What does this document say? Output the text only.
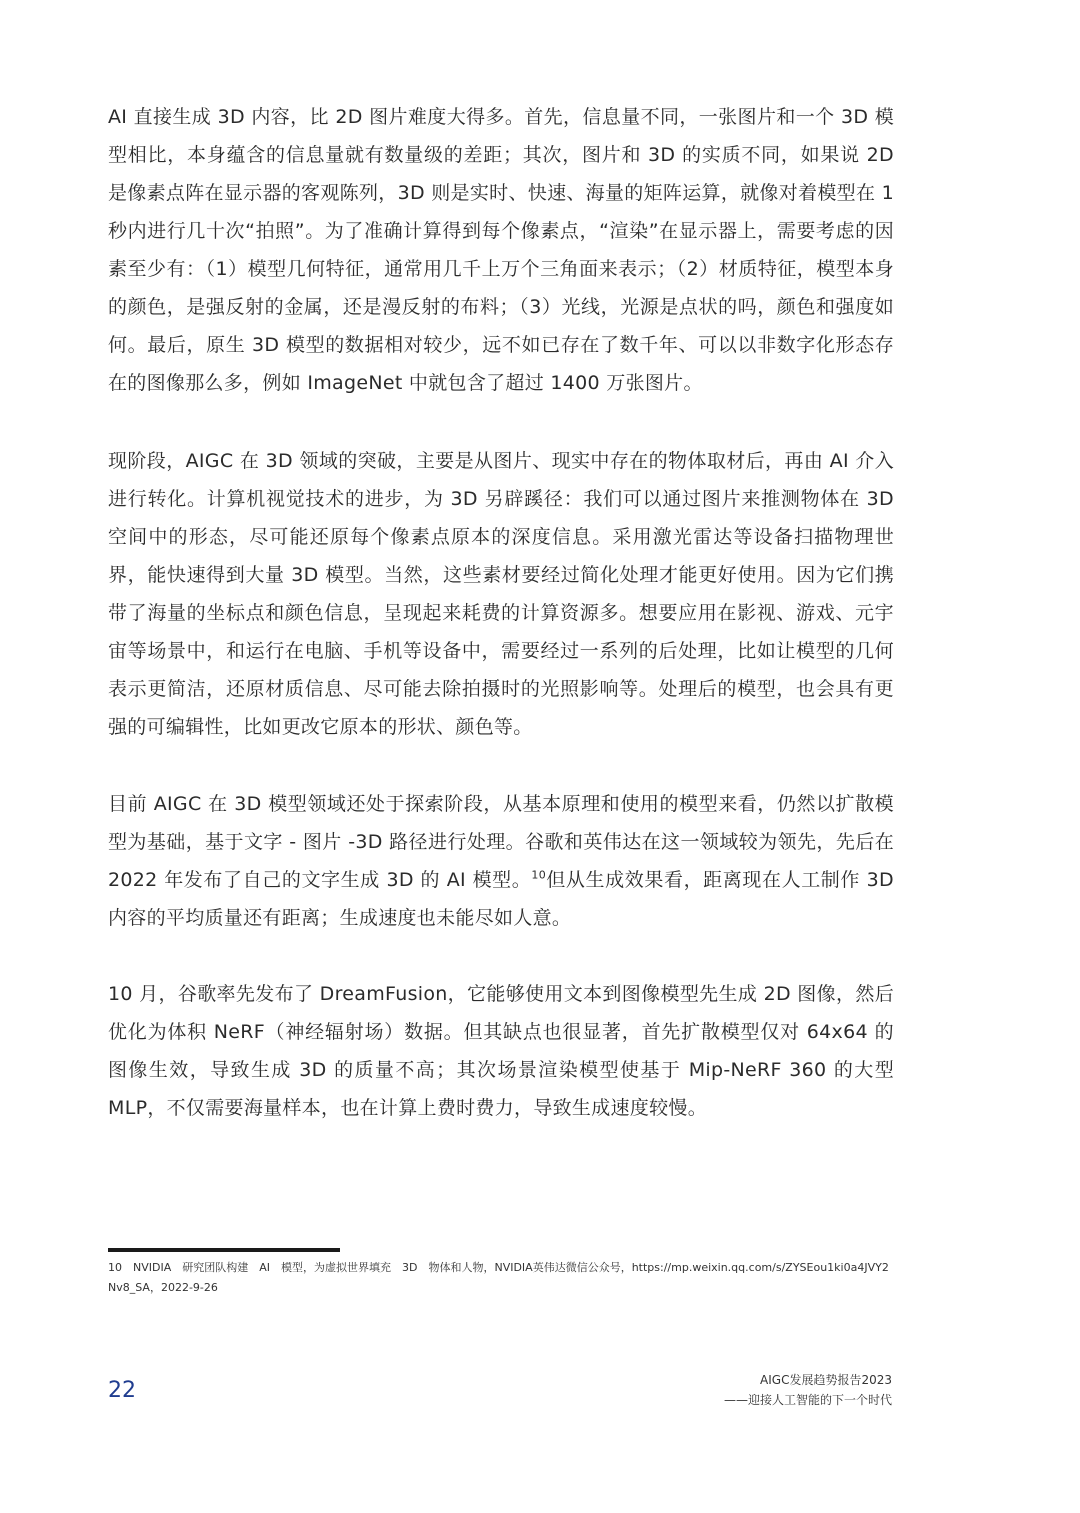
AI 直接生成 3D 内容，比 2D 图片难度大得多。首先，信息量不同，一张图片和一个 3D 模型相比，本身蕴含的信息量就有数量级的差距；其次，图片和 3D 的实质不同，如果说 2D 是像素点阵在显示器的客观陈列，3D 则是实时、快速、海量的矩阵运算，就像对着模型在 1 秒内进行几十次“拍照”。为了准确计算得到每个像素点，“渲染”在显示器上，需要考虑的因素至少有：（1）模型几何特征，通常用几千上万个三角面来表示；（2）材质特征，模型本身的颜色，是强反射的金属，还是漫反射的布料；（3）光线，光源是点状的吗，颜色和强度如何。最后，原生 3D 模型的数据相对较少，远不如已存在了数千年、可以以非数字化形态存在的图像那么多，例如 ImageNet 中就包含了超过 1400 万张图片。

现阶段，AIGC 在 3D 领域的突破，主要是从图片、现实中存在的物体取材后，再由 AI 介入进行转化。计算机视觉技术的进步，为 3D 另辟蹊径：我们可以通过图片来推测物体在 3D 空间中的形态，尽可能还原每个像素点原本的深度信息。采用激光雷达等设备扫描物理世界，能快速得到大量 3D 模型。当然，这些素材要经过简化处理才能更好使用。因为它们携带了海量的坐标点和颜色信息，呈现起来耗费的计算资源多。想要应用在影视、游戏、元宇宙等场景中，和运行在电脑、手机等设备中，需要经过一系列的后处理，比如让模型的几何表示更简洁，还原材质信息、尽可能去除拍摄时的光照影响等。处理后的模型，也会具有更强的可编辑性，比如更改它原本的形状、颜色等。

目前 AIGC 在 3D 模型领域还处于探索阶段，从基本原理和使用的模型来看，仍然以扩散模型为基础，基于文字 - 图片 -3D 路径进行处理。谷歌和英伟达在这一领域较为领先，先后在 2022 年发布了自己的文字生成 3D 的 AI 模型。$^{10}$但从生成效果看，距离现在人工制作 3D 内容的平均质量还有距离；生成速度也未能尽如人意。

10 月，谷歌率先发布了 DreamFusion，它能够使用文本到图像模型先生成 2D 图像，然后优化为体积 NeRF（神经辐射场）数据。但其缺点也很显著，首先扩散模型仅对 64x64 的图像生效，导致生成 3D 的质量不高；其次场景渲染模型使基于 Mip-NeRF 360 的大型 MLP，不仅需要海量样本，也在计算上费时费力，导致生成速度较慢。

10　NVIDIA　研究团队构建　AI　模型，为虚拟世界填充　3D　物体和人物，NVIDIA英伟达微信公众号，https://mp.weixin.qq.com/s/ZYSEou1ki0a4JVY2Nv8_SA，2022-9-26
22	AIGC发展趋势报告2023
——迎接人工智能的下一个时代
